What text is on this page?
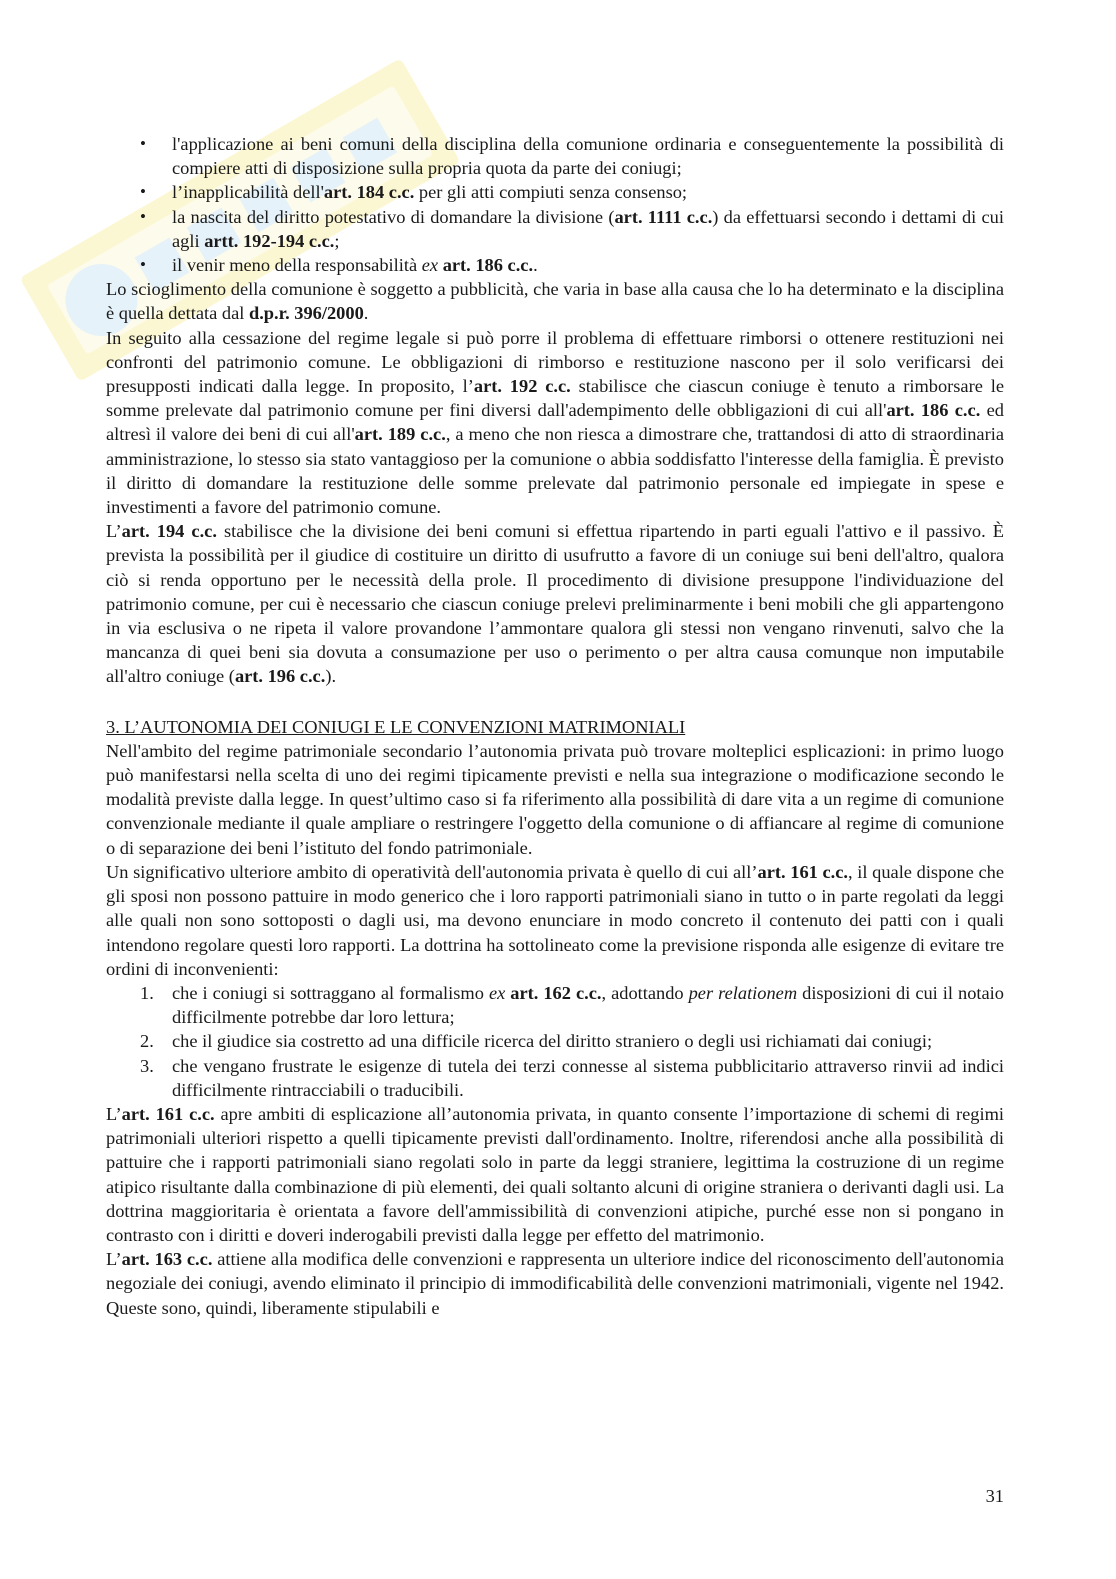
• l'applicazione ai beni comuni della disciplina della comunione ordinaria e conseguentemente la possibilità di compiere atti di disposizione sulla propria quota da parte dei coniugi;
• l’inapplicabilità dell'art. 184 c.c. per gli atti compiuti senza consenso;
• la nascita del diritto potestativo di domandare la divisione (art. 1111 c.c.) da effettuarsi secondo i dettami di cui agli artt. 192-194 c.c.;
• il venir meno della responsabilità ex art. 186 c.c..

Lo scioglimento della comunione è soggetto a pubblicità, che varia in base alla causa che lo ha determinato e la disciplina è quella dettata dal d.p.r. 396/2000.

In seguito alla cessazione del regime legale si può porre il problema di effettuare rimborsi o ottenere restituzioni nei confronti del patrimonio comune. Le obbligazioni di rimborso e restituzione nascono per il solo verificarsi dei presupposti indicati dalla legge. In proposito, l’art. 192 c.c. stabilisce che ciascun coniuge è tenuto a rimborsare le somme prelevate dal patrimonio comune per fini diversi dall'adempimento delle obbligazioni di cui all'art. 186 c.c. ed altresì il valore dei beni di cui all'art. 189 c.c., a meno che non riesca a dimostrare che, trattandosi di atto di straordinaria amministrazione, lo stesso sia stato vantaggioso per la comunione o abbia soddisfatto l'interesse della famiglia. È previsto il diritto di domandare la restituzione delle somme prelevate dal patrimonio personale ed impiegate in spese e investimenti a favore del patrimonio comune.

L’art. 194 c.c. stabilisce che la divisione dei beni comuni si effettua ripartendo in parti eguali l'attivo e il passivo. È prevista la possibilità per il giudice di costituire un diritto di usufrutto a favore di un coniuge sui beni dell'altro, qualora ciò si renda opportuno per le necessità della prole. Il procedimento di divisione presuppone l'individuazione del patrimonio comune, per cui è necessario che ciascun coniuge prelevi preliminarmente i beni mobili che gli appartengono in via esclusiva o ne ripeta il valore provandone l’ammontare qualora gli stessi non vengano rinvenuti, salvo che la mancanza di quei beni sia dovuta a consumazione per uso o perimento o per altra causa comunque non imputabile all'altro coniuge (art. 196 c.c.).

3. L’AUTONOMIA DEI CONIUGI E LE CONVENZIONI MATRIMONIALI

Nell'ambito del regime patrimoniale secondario l’autonomia privata può trovare molteplici esplicazioni: in primo luogo può manifestarsi nella scelta di uno dei regimi tipicamente previsti e nella sua integrazione o modificazione secondo le modalità previste dalla legge. In quest’ultimo caso si fa riferimento alla possibilità di dare vita a un regime di comunione convenzionale mediante il quale ampliare o restringere l'oggetto della comunione o di affiancare al regime di comunione o di separazione dei beni l’istituto del fondo patrimoniale.

Un significativo ulteriore ambito di operatività dell'autonomia privata è quello di cui all’art. 161 c.c., il quale dispone che gli sposi non possono pattuire in modo generico che i loro rapporti patrimoniali siano in tutto o in parte regolati da leggi alle quali non sono sottoposti o dagli usi, ma devono enunciare in modo concreto il contenuto dei patti con i quali intendono regolare questi loro rapporti. La dottrina ha sottolineato come la previsione risponda alle esigenze di evitare tre ordini di inconvenienti:

1. che i coniugi si sottraggano al formalismo ex art. 162 c.c., adottando per relationem disposizioni di cui il notaio difficilmente potrebbe dar loro lettura;
2. che il giudice sia costretto ad una difficile ricerca del diritto straniero o degli usi richiamati dai coniugi;
3. che vengano frustrate le esigenze di tutela dei terzi connesse al sistema pubblicitario attraverso rinvii ad indici difficilmente rintracciabili o traducibili.

L’art. 161 c.c. apre ambiti di esplicazione all’autonomia privata, in quanto consente l’importazione di schemi di regimi patrimoniali ulteriori rispetto a quelli tipicamente previsti dall'ordinamento. Inoltre, riferendosi anche alla possibilità di pattuire che i rapporti patrimoniali siano regolati solo in parte da leggi straniere, legittima la costruzione di un regime atipico risultante dalla combinazione di più elementi, dei quali soltanto alcuni di origine straniera o derivanti dagli usi. La dottrina maggioritaria è orientata a favore dell'ammissibilità di convenzioni atipiche, purché esse non si pongano in contrasto con i diritti e doveri inderogabili previsti dalla legge per effetto del matrimonio.

L’art. 163 c.c. attiene alla modifica delle convenzioni e rappresenta un ulteriore indice del riconoscimento dell'autonomia negoziale dei coniugi, avendo eliminato il principio di immodificabilità delle convenzioni matrimoniali, vigente nel 1942. Queste sono, quindi, liberamente stipulabili e

31
